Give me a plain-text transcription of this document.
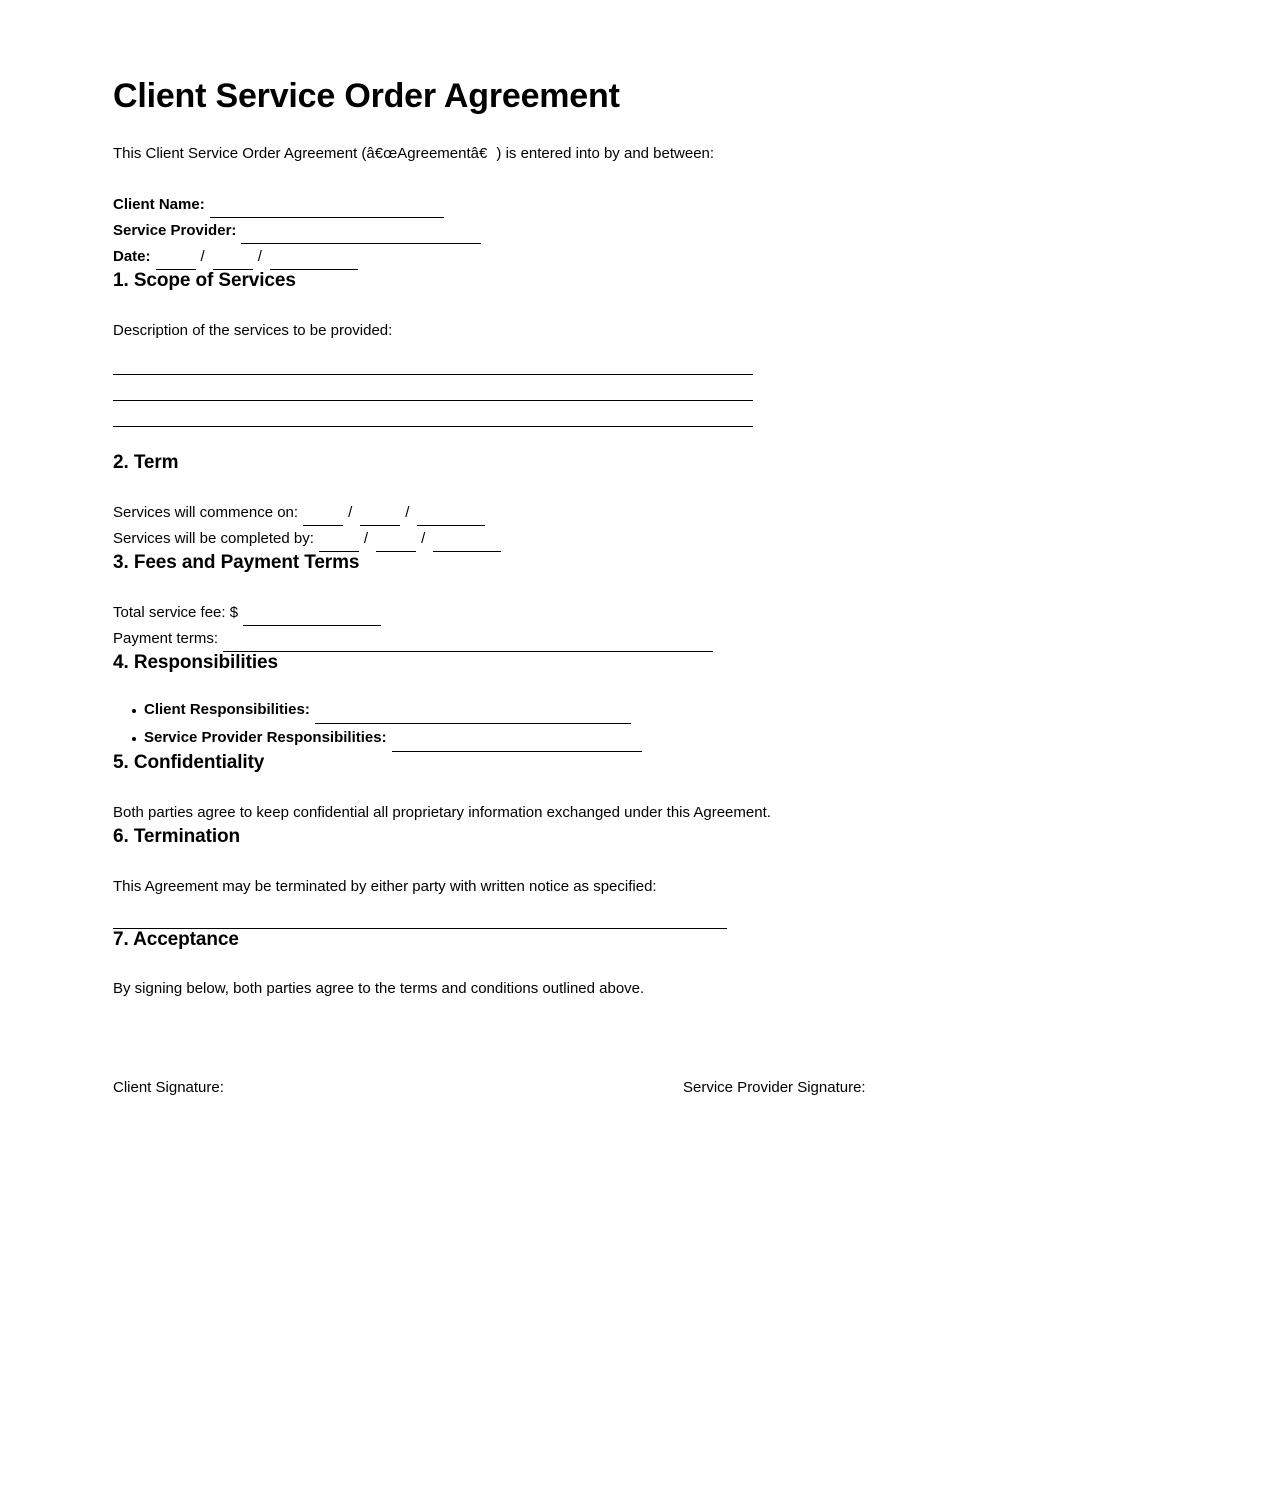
Client Service Order Agreement
This Client Service Order Agreement (â€œAgreementâ€) is entered into by and between:
Client Name:
Service Provider:
Date:	/	/
1. Scope of Services
Description of the services to be provided:
2. Term
Services will commence on:	/	/
Services will be completed by:	/	/
3. Fees and Payment Terms
Total service fee: $
Payment terms:
4. Responsibilities
Client Responsibilities:
Service Provider Responsibilities:
5. Confidentiality
Both parties agree to keep confidential all proprietary information exchanged under this Agreement.
6. Termination
This Agreement may be terminated by either party with written notice as specified:
7. Acceptance
By signing below, both parties agree to the terms and conditions outlined above.
Client Signature:	Service Provider Signature:
